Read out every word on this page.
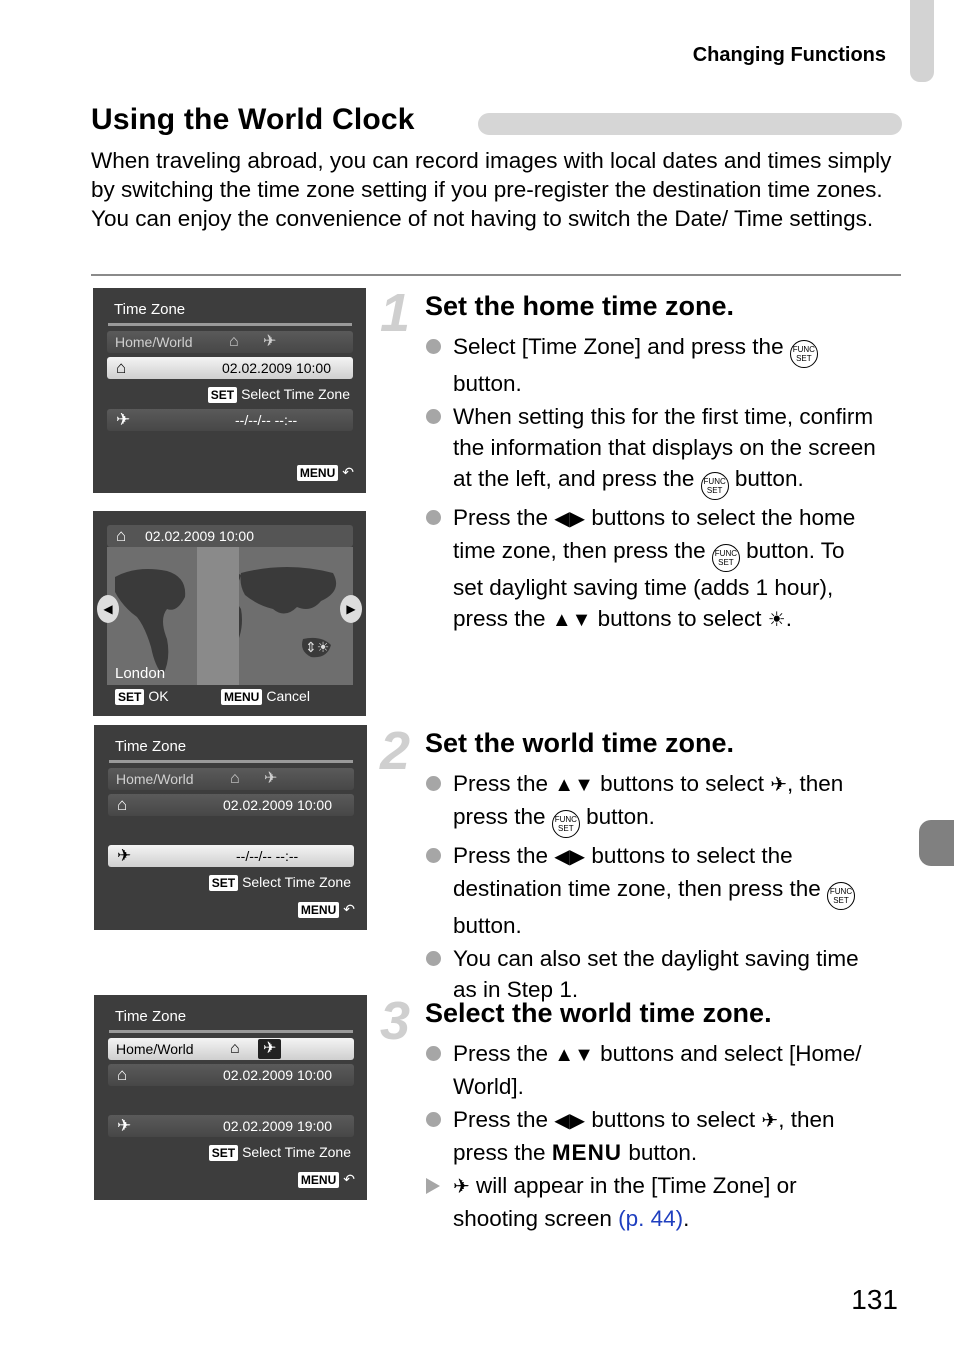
Changing Functions
Using the World Clock
When traveling abroad, you can record images with local dates and times simply by switching the time zone setting if you pre-register the destination time zones. You can enjoy the convenience of not having to switch the Date/ Time settings.
Time Zone
Home/World ⌂ ✈
⌂	02.02.2009 10:00
SET Select Time Zone
✈	--/--/-- --:--
MENU ↶
⌂ 02.02.2009 10:00
◀	▶
⇕☀
London
SET OK	MENU Cancel
Time Zone
Home/World ⌂ ✈
⌂	02.02.2009 10:00
✈	--/--/-- --:--
SET Select Time Zone
MENU ↶
Time Zone
Home/World ⌂	✈
⌂	02.02.2009 10:00
✈	02.02.2009 19:00
SET Select Time Zone
MENU ↶
1 Set the home time zone.
Select [Time Zone] and press the FUNC SET button.
When setting this for the first time, confirm the information that displays on the screen at the left, and press the FUNC SET button.
Press the ◀▶ buttons to select the home time zone, then press the FUNC SET button. To set daylight saving time (adds 1 hour), press the ▲▼ buttons to select ☀.
2 Set the world time zone.
Press the ▲▼ buttons to select ✈, then press the FUNC SET button.
Press the ◀▶ buttons to select the destination time zone, then press the FUNC SET button.
You can also set the daylight saving time as in Step 1.
3 Select the world time zone.
Press the ▲▼ buttons and select [Home/ World].
Press the ◀▶ buttons to select ✈, then press the MENU button.
✈ will appear in the [Time Zone] or shooting screen (p. 44).
131
